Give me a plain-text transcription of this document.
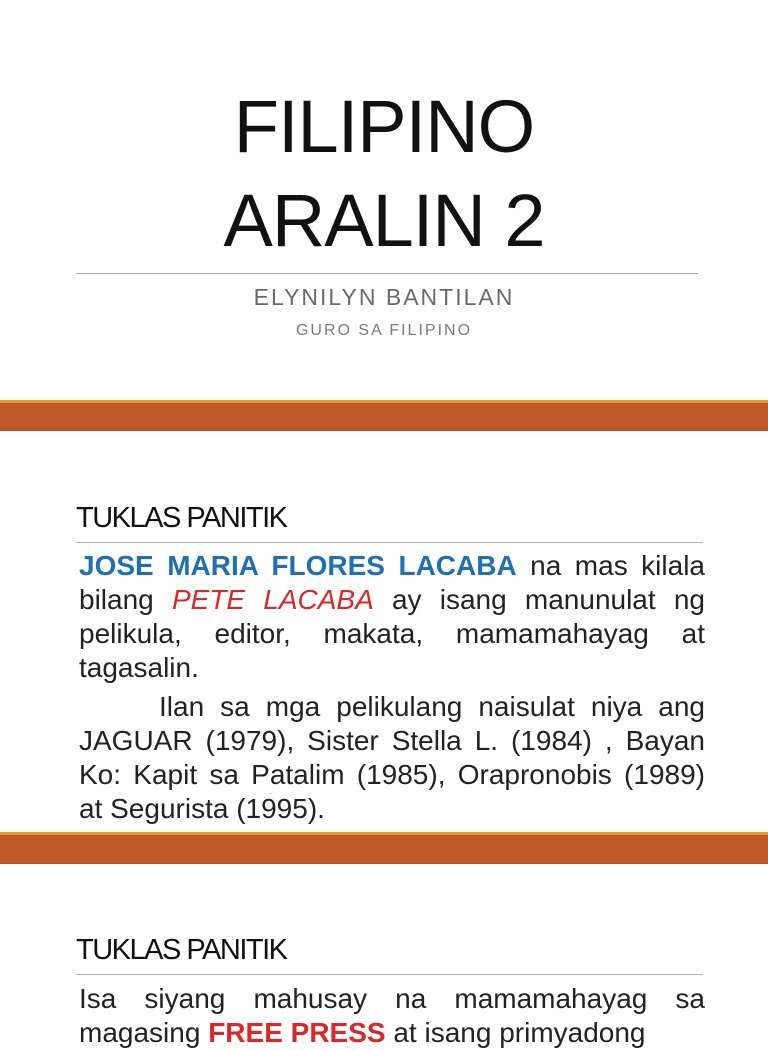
FILIPINO
ARALIN 2
ELYNILYN BANTILAN
GURO SA FILIPINO
TUKLAS PANITIK
JOSE MARIA FLORES LACABA na mas kilala bilang PETE LACABA ay isang manunulat ng pelikula, editor, makata, mamamahayag at tagasalin.
Ilan sa mga pelikulang naisulat niya ang JAGUAR (1979), Sister Stella L. (1984) , Bayan Ko: Kapit sa Patalim (1985), Orapronobis (1989) at Segurista (1995).
TUKLAS PANITIK
Isa siyang mahusay na mamamahayag sa magasing FREE PRESS at isang primyadong
